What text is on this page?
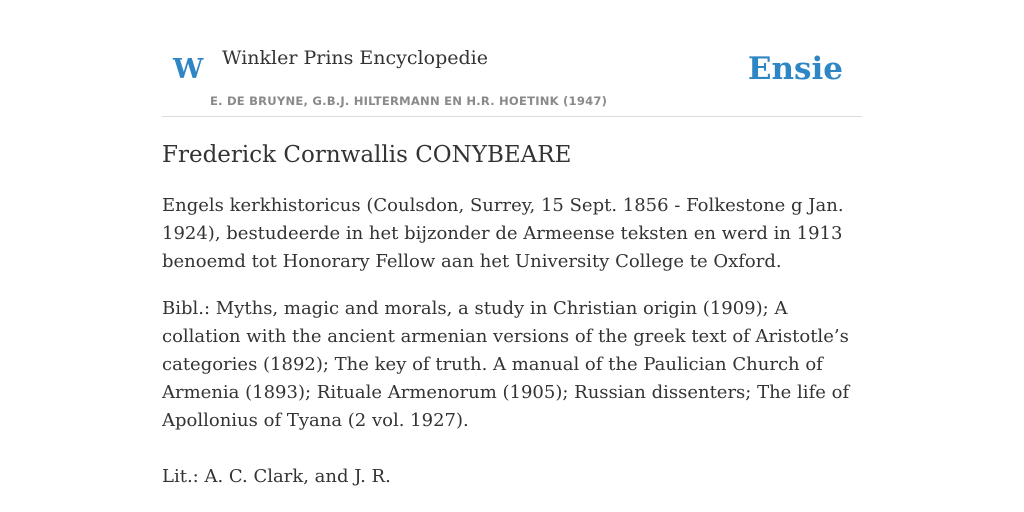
W Winkler Prins Encyclopedie
E. DE BRUYNE, G.B.J. HILTERMANN EN H.R. HOETINK (1947)
Ensie
Frederick Cornwallis CONYBEARE

Engels kerkhistoricus (Coulsdon, Surrey, 15 Sept. 1856 - Folkestone g Jan. 1924), bestudeerde in het bijzonder de Armeense teksten en werd in 1913 benoemd tot Honorary Fellow aan het University College te Oxford.

Bibl.: Myths, magic and morals, a study in Christian origin (1909); A collation with the ancient armenian versions of the greek text of Aristotle’s categories (1892); The key of truth. A manual of the Paulician Church of Armenia (1893); Rituale Armenorum (1905); Russian dissenters; The life of Apollonius of Tyana (2 vol. 1927).

Lit.: A. C. Clark, and J. R.
